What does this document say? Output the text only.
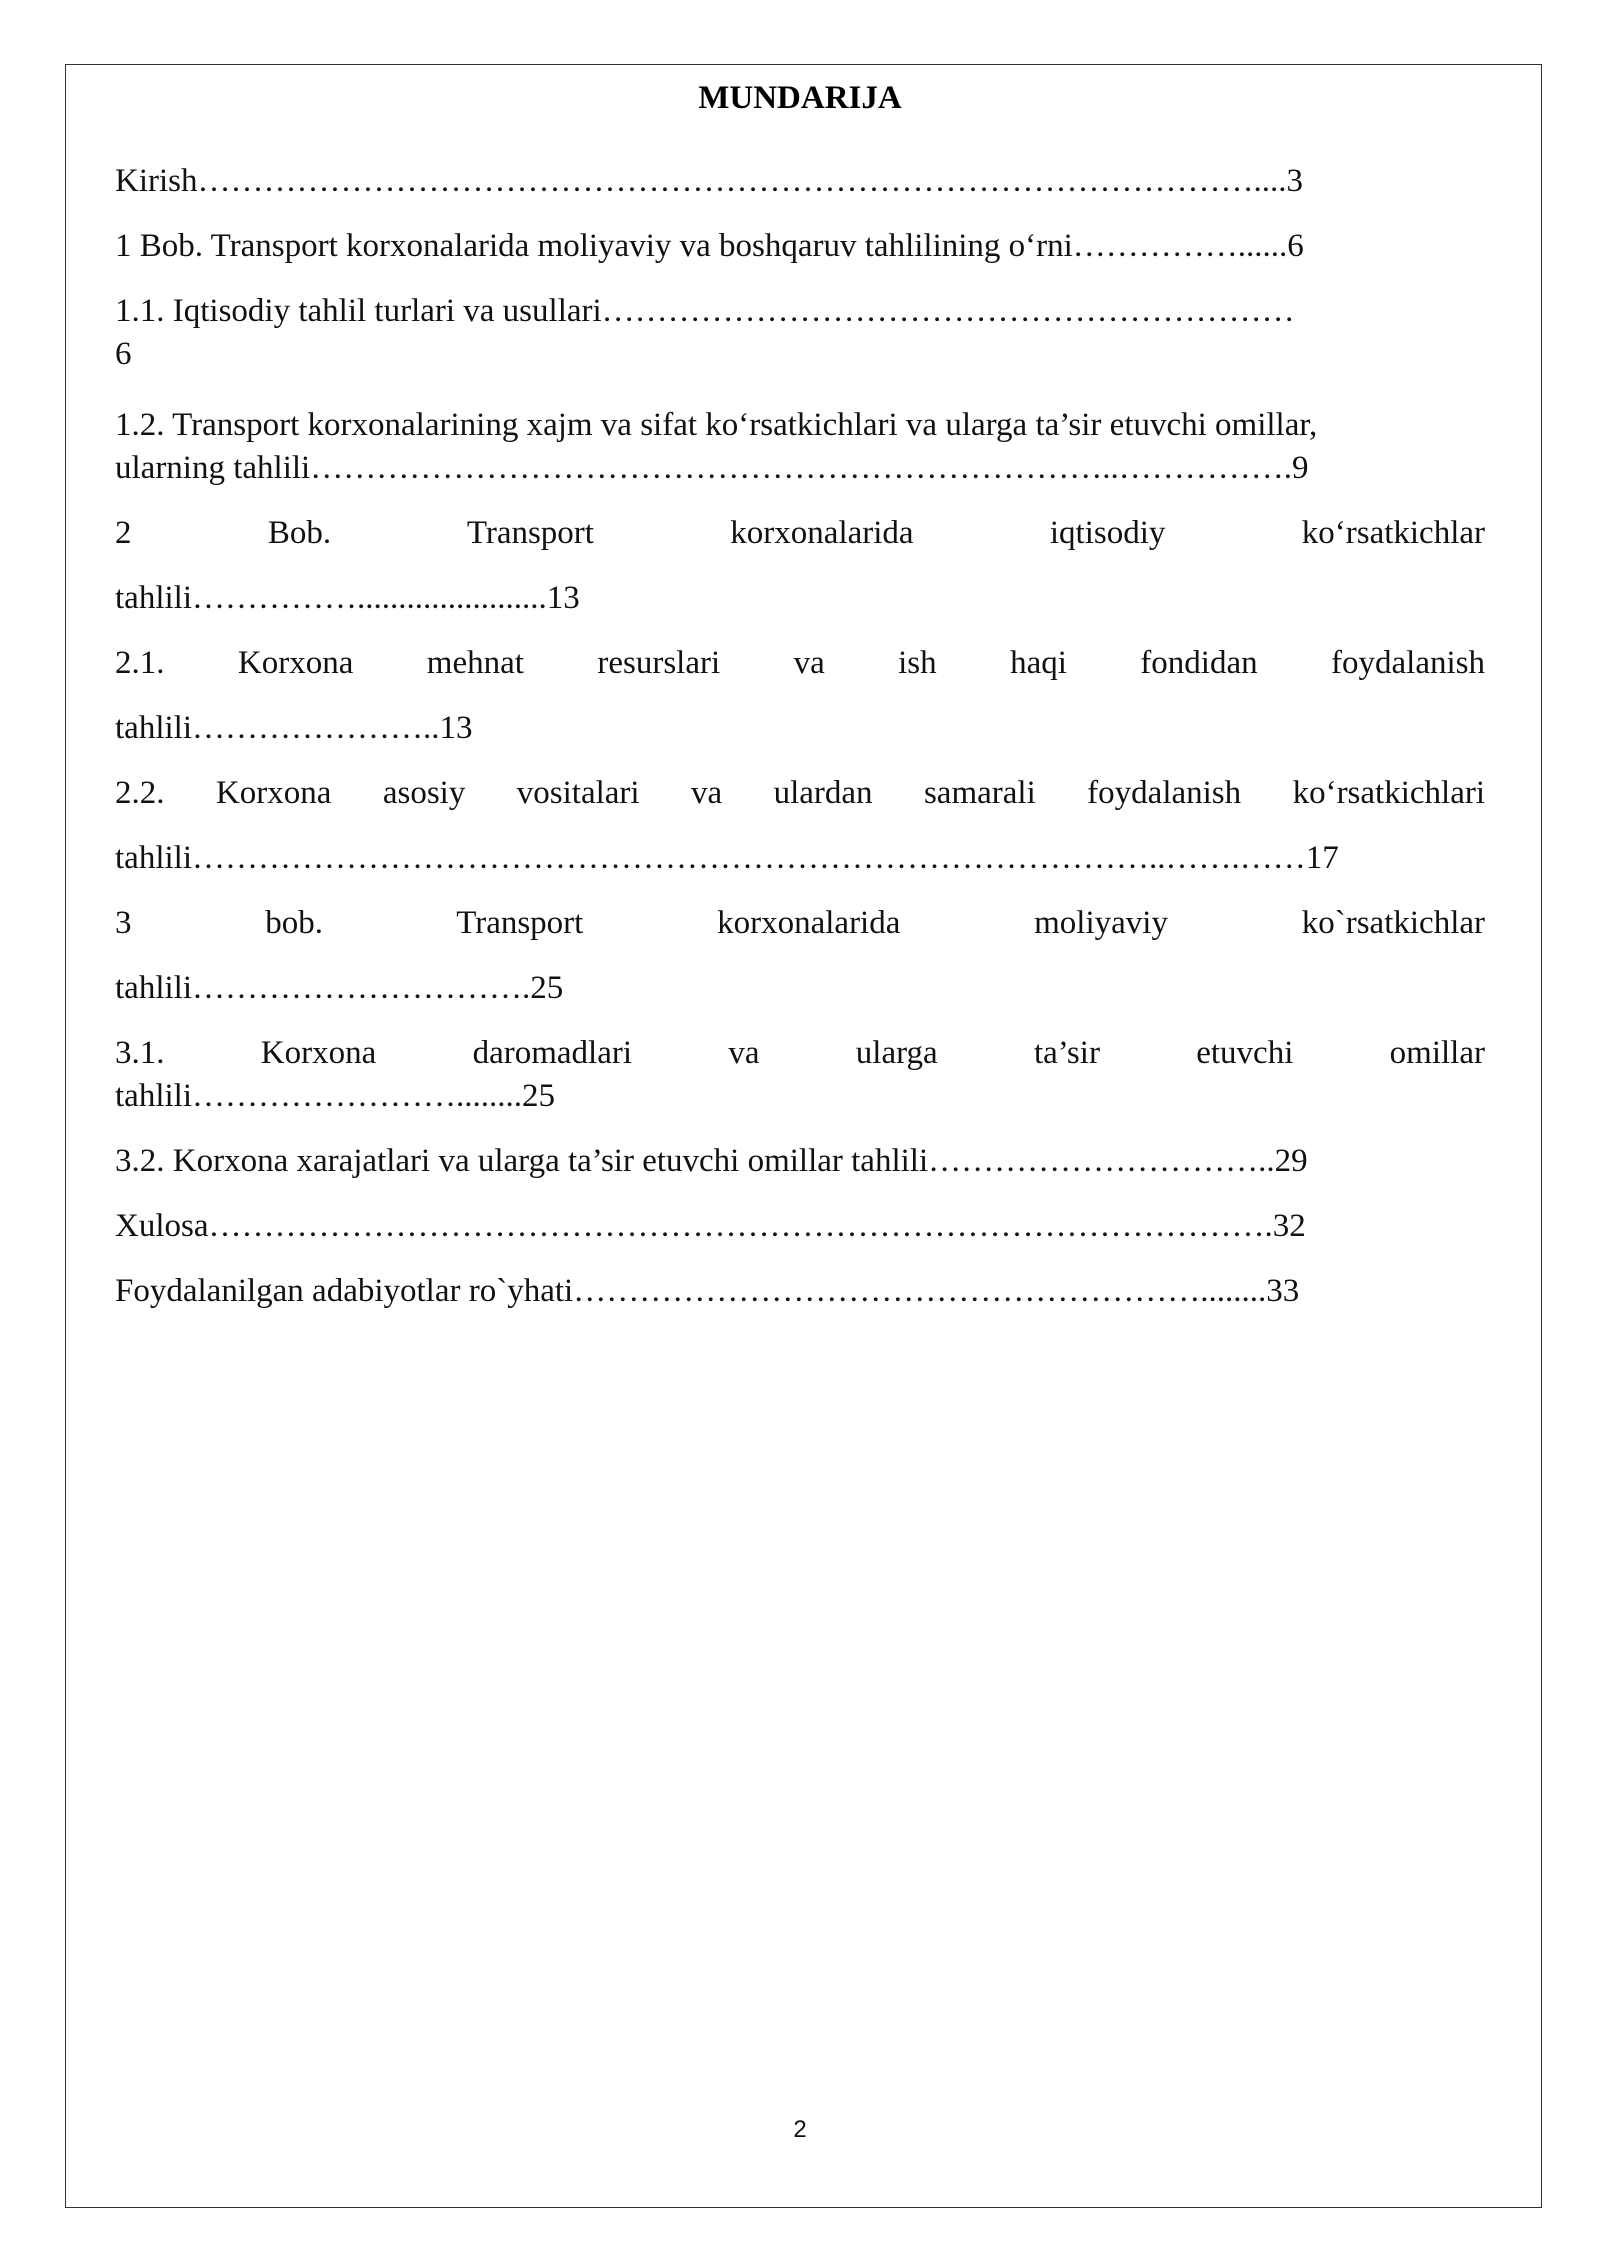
MUNDARIJA

Kirish……………………………………………………………………………………....3

1 Bob. Transport korxonalarida moliyaviy va boshqaruv tahlilining o‘rni……………......6

1.1. Iqtisodiy tahlil turlari va usullari………………………………………………………
6
1.2. Transport korxonalarining xajm va sifat ko‘rsatkichlari va ularga ta’sir etuvchi omillar,
ularning tahlili………………………………………………………………..…………….9
2 Bob. Transport korxonalarida iqtisodiy ko‘rsatkichlar
tahlili…………….......................13
2.1. Korxona mehnat resurslari va ish haqi fondidan foydalanish
tahlili…………………..13
2.2. Korxona asosiy vositalari va ulardan samarali foydalanish ko‘rsatkichlari
tahlili……………………………………………………………………………..…….……17
3 bob. Transport korxonalarida moliyaviy ko`rsatkichlar
tahlili………………………….25
3.1. Korxona daromadlari va ularga ta’sir etuvchi omillar
tahlili……………………........25

3.2. Korxona xarajatlari va ularga ta’sir etuvchi omillar tahlili…………………………..29

Xulosa…………………………………………………………………………………….32

Foydalanilgan adabiyotlar ro`yhati…………………………………………………........33

2
